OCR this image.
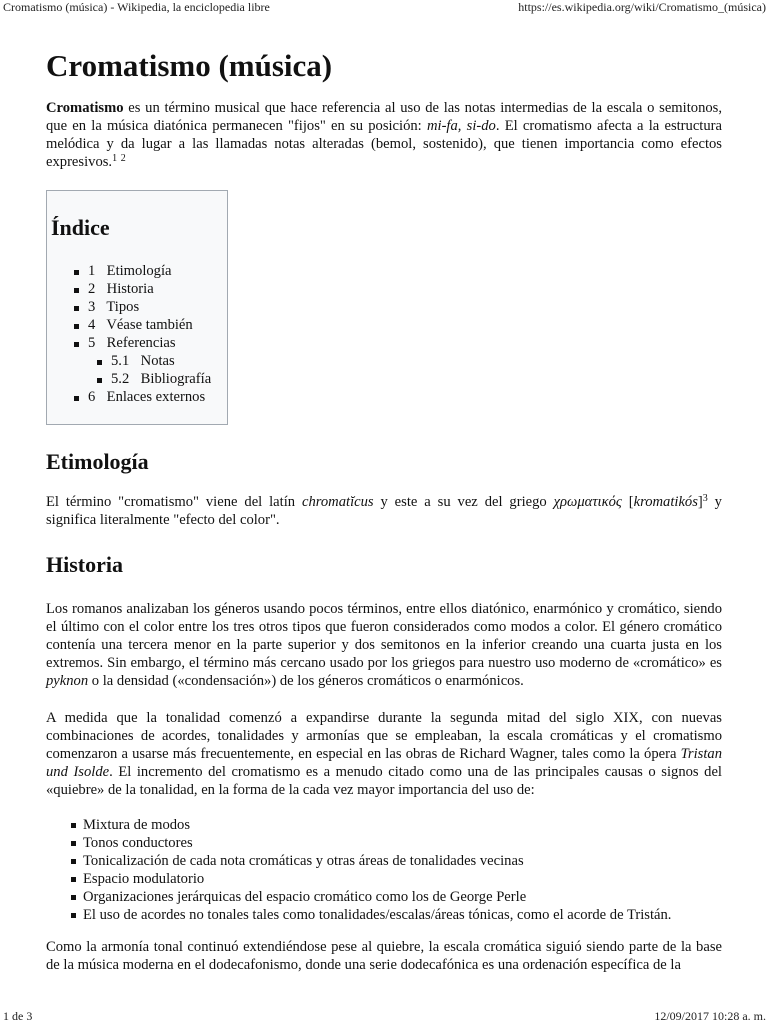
Cromatismo (música) - Wikipedia, la enciclopedia libre	https://es.wikipedia.org/wiki/Cromatismo_(música)
Cromatismo (música)

Cromatismo es un término musical que hace referencia al uso de las notas intermedias de la escala o semitonos, que en la música diatónica permanecen "fijos" en su posición: mi-fa, si-do. El cromatismo afecta a la estructura melódica y da lugar a las llamadas notas alteradas (bemol, sostenido), que tienen importancia como efectos expresivos.$^1$ $^2$

Índice
1 Etimología
2 Historia
3 Tipos
4 Véase también
5 Referencias
5.1 Notas
5.2 Bibliografía
6 Enlaces externos
Etimología

El término "cromatismo" viene del latín chromatĭcus y este a su vez del griego χρωματικός [kromatikós]$^3$ y significa literalmente "efecto del color".

Historia

Los romanos analizaban los géneros usando pocos términos, entre ellos diatónico, enarmónico y cromático, siendo el último con el color entre los tres otros tipos que fueron considerados como modos a color. El género cromático contenía una tercera menor en la parte superior y dos semitonos en la inferior creando una cuarta justa en los extremos. Sin embargo, el término más cercano usado por los griegos para nuestro uso moderno de «cromático» es pyknon o la densidad («condensación») de los géneros cromáticos o enarmónicos.

A medida que la tonalidad comenzó a expandirse durante la segunda mitad del siglo XIX, con nuevas combinaciones de acordes, tonalidades y armonías que se empleaban, la escala cromáticas y el cromatismo comenzaron a usarse más frecuentemente, en especial en las obras de Richard Wagner, tales como la ópera Tristan und Isolde. El incremento del cromatismo es a menudo citado como una de las principales causas o signos del «quiebre» de la tonalidad, en la forma de la cada vez mayor importancia del uso de:

Mixtura de modos
Tonos conductores
Tonicalización de cada nota cromáticas y otras áreas de tonalidades vecinas
Espacio modulatorio
Organizaciones jerárquicas del espacio cromático como los de George Perle
El uso de acordes no tonales tales como tonalidades/escalas/áreas tónicas, como el acorde de Tristán.

Como la armonía tonal continuó extendiéndose pese al quiebre, la escala cromática siguió siendo parte de la base de la música moderna en el dodecafonismo, donde una serie dodecafónica es una ordenación específica de la

1 de 3	12/09/2017 10:28 a. m.
